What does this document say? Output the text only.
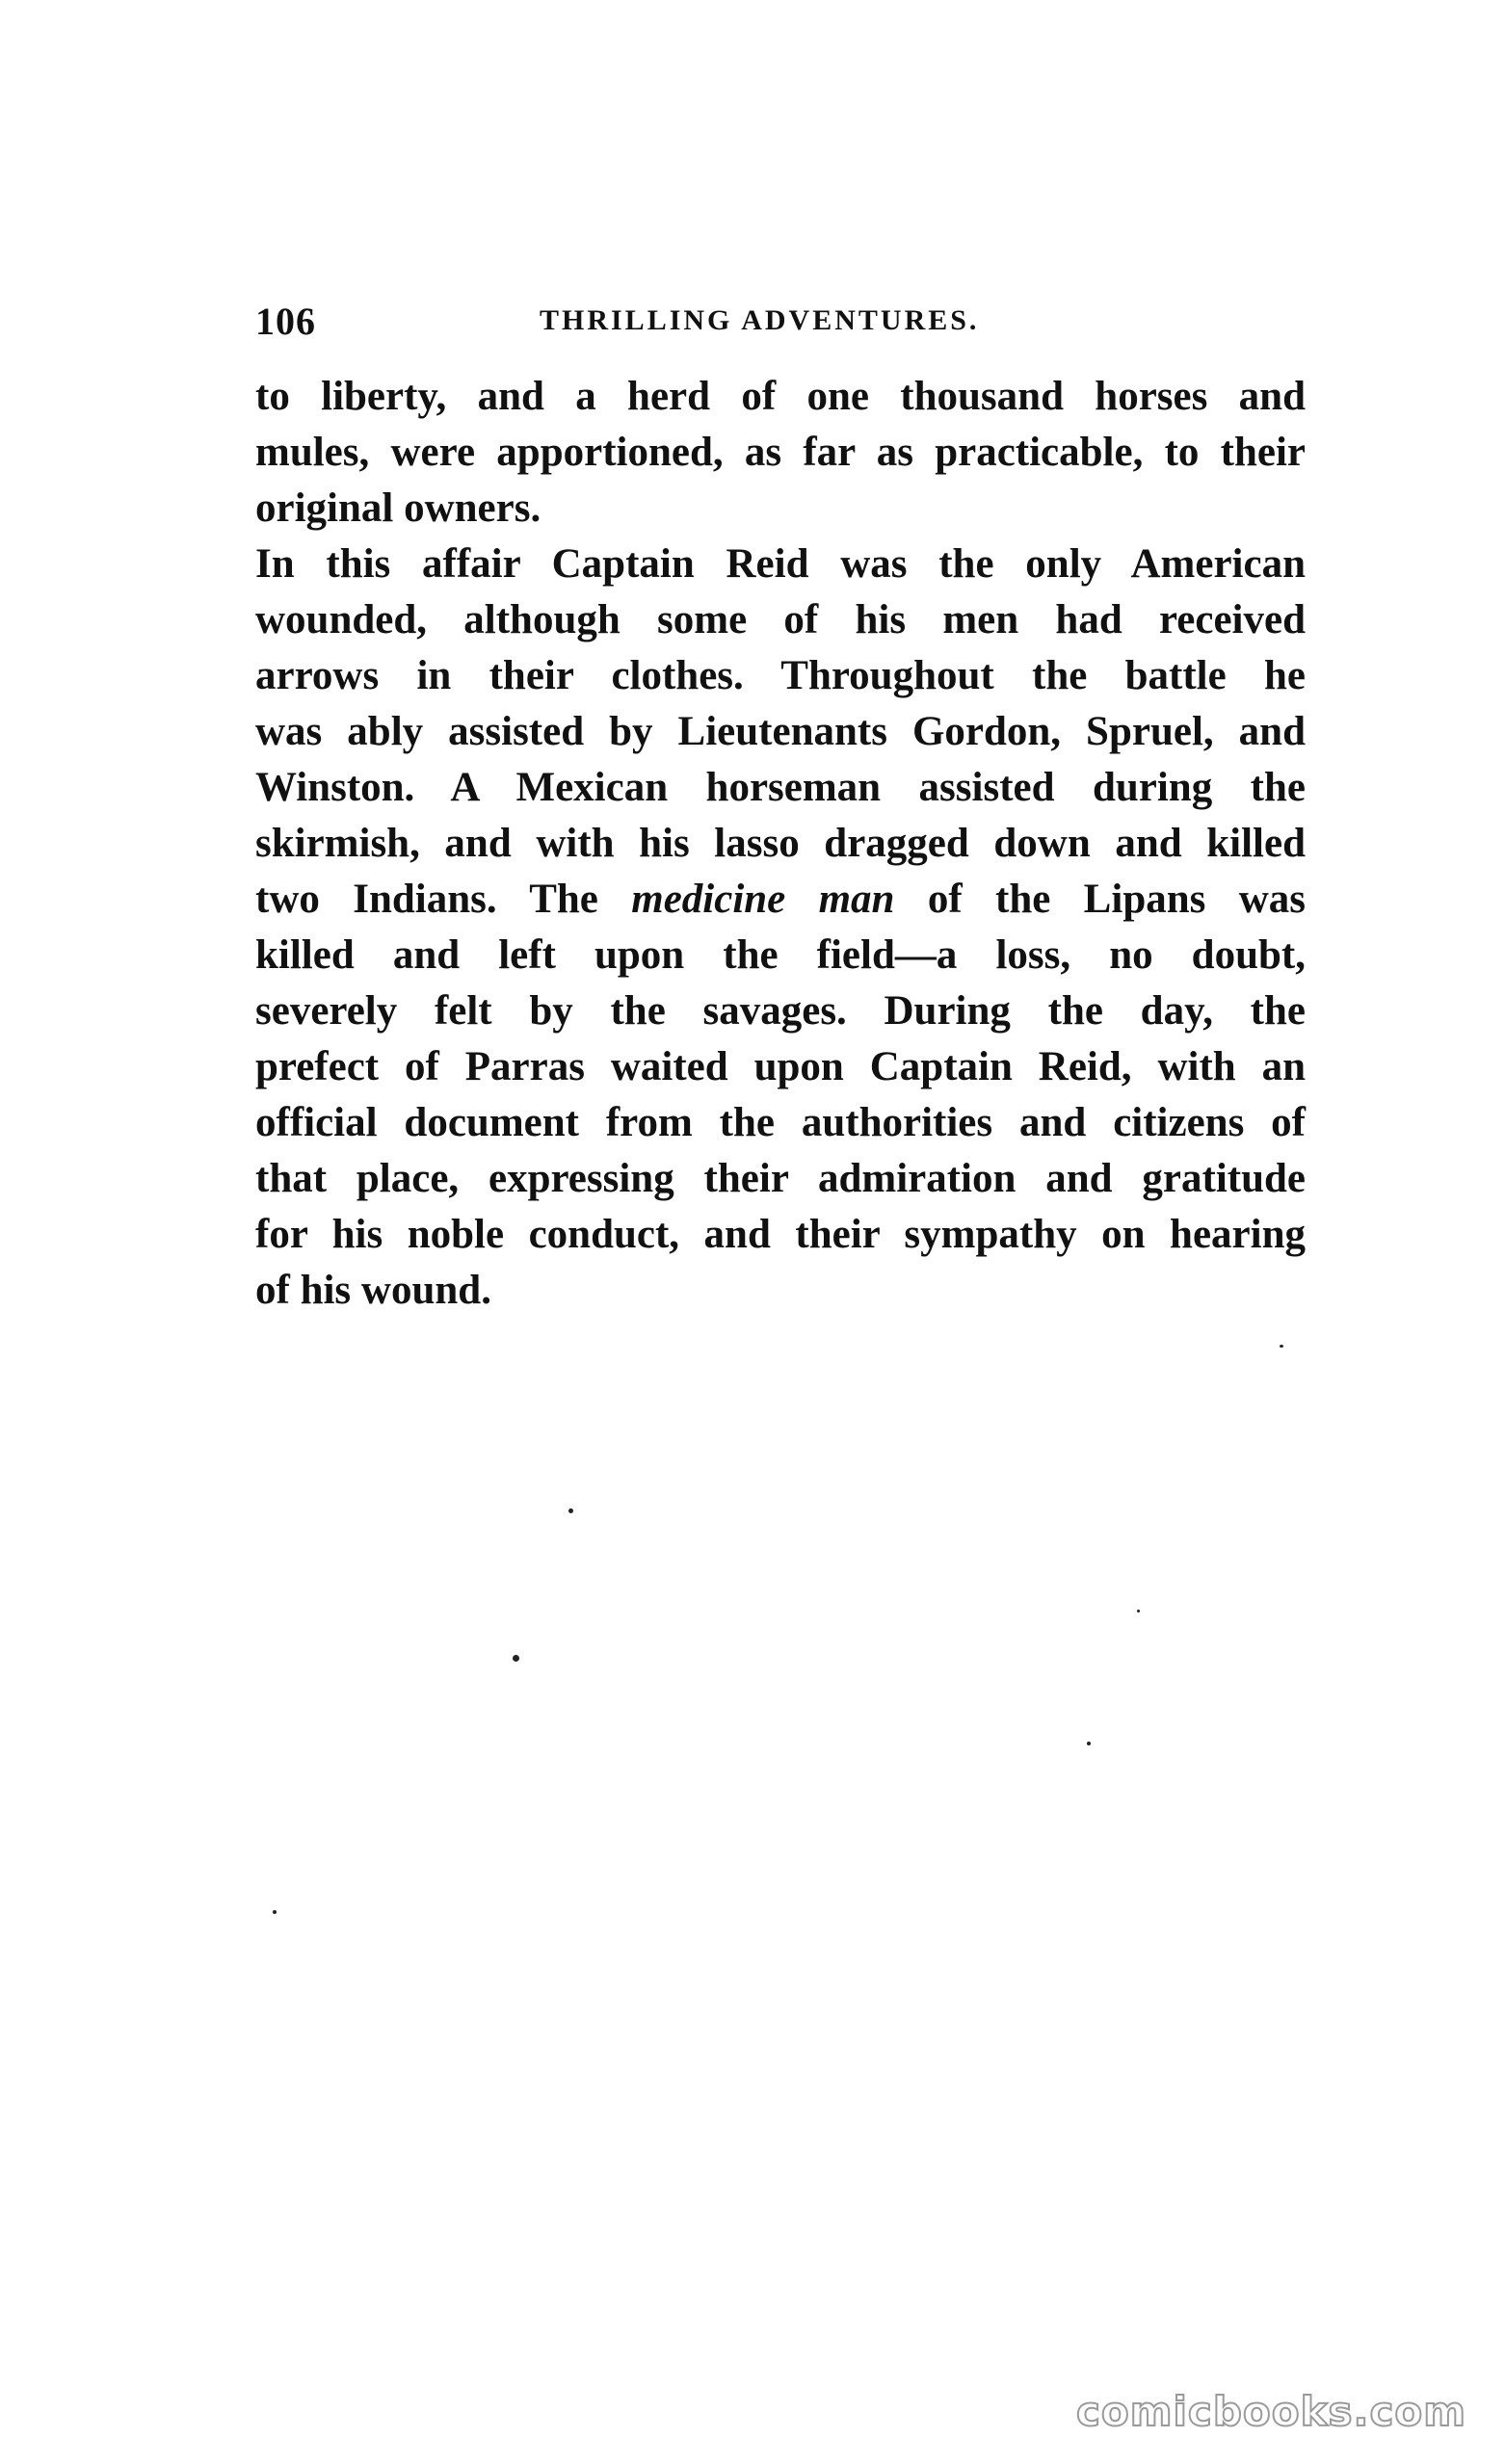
106	THRILLING ADVENTURES.
to liberty, and a herd of one thousand horses and
mules, were apportioned, as far as practicable, to their
original owners.
In this affair Captain Reid was the only American
wounded, although some of his men had received
arrows in their clothes. Throughout the battle he
was ably assisted by Lieutenants Gordon, Spruel, and
Winston. A Mexican horseman assisted during the
skirmish, and with his lasso dragged down and killed
two Indians. The medicine man of the Lipans was
killed and left upon the field—a loss, no doubt,
severely felt by the savages. During the day, the
prefect of Parras waited upon Captain Reid, with an
official document from the authorities and citizens of
that place, expressing their admiration and gratitude
for his noble conduct, and their sympathy on hearing
of his wound.
comicbooks.com
